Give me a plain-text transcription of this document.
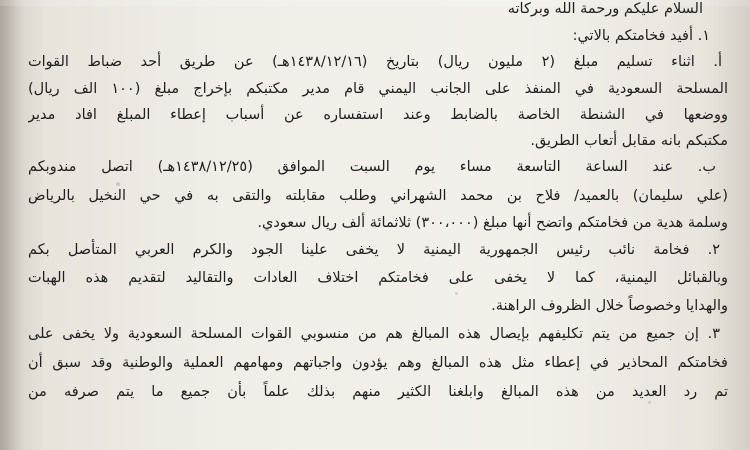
السلام عليكم ورحمة الله وبركاته
١. أفيد فخامتكم بالاتي:
أ. اثناء تسليم مبلغ (٢ مليون ريال) بتاريخ (١٤٣٨/١٢/١٦هـ) عن طريق أحد ضباط القوات
المسلحة السعودية في المنفذ على الجانب اليمني قام مدير مكتبكم بإخراج مبلغ (١٠٠ الف ريال)
ووضعها في الشنطة الخاصة بالضابط وعند استفساره عن أسباب إعطاء المبلغ افاد مدير
مكتبكم بانه مقابل أتعاب الطريق.
ب. عند الساعة التاسعة مساء يوم السبت الموافق (١٤٣٨/١٢/٢٥هـ) اتصل مندوبكم
(علي سليمان) بالعميد/ فلاح بن محمد الشهراني وطلب مقابلته والتقى به في حي النخيل بالرياض
وسلمة هدية من فخامتكم واتضح أنها مبلغ (٣٠٠،٠٠٠) ثلاثمائة ألف ريال سعودي.
٢. فخامة نائب رئيس الجمهورية اليمنية لا يخفى علينا الجود والكرم العربي المتأصل بكم
وبالقبائل اليمنية، كما لا يخفى على فخامتكم اختلاف العادات والتقاليد لتقديم هذه الهبات
والهدايا وخصوصاً خلال الظروف الراهنة.
٣. إن جميع من يتم تكليفهم بإيصال هذه المبالغ هم من منسوبي القوات المسلحة السعودية ولا يخفى على
فخامتكم المحاذير في إعطاء مثل هذه المبالغ وهم يؤدون واجباتهم ومهامهم العملية والوطنية وقد سبق أن
تم رد العديد من هذه المبالغ وابلغنا الكثير منهم بذلك علماً بأن جميع ما يتم صرفه من
